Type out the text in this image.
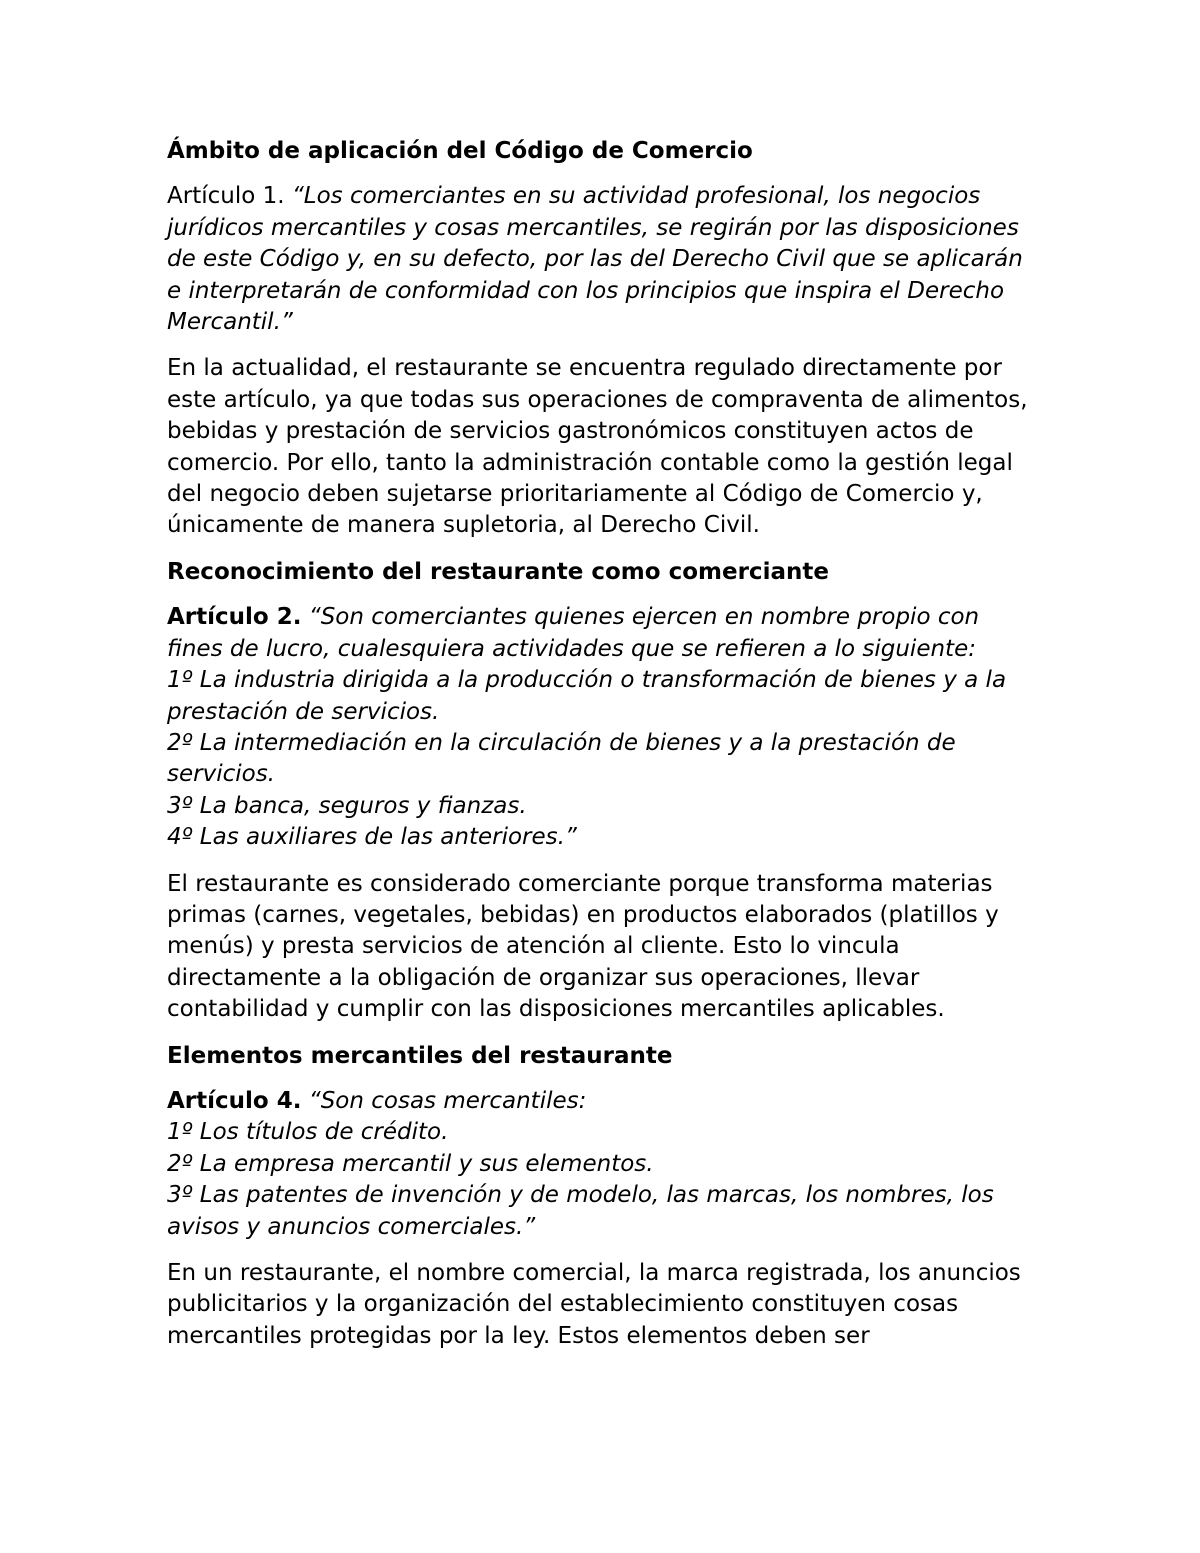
Ámbito de aplicación del Código de Comercio

Artículo 1. “Los comerciantes en su actividad profesional, los negocios jurídicos mercantiles y cosas mercantiles, se regirán por las disposiciones de este Código y, en su defecto, por las del Derecho Civil que se aplicarán e interpretarán de conformidad con los principios que inspira el Derecho Mercantil.”

En la actualidad, el restaurante se encuentra regulado directamente por este artículo, ya que todas sus operaciones de compraventa de alimentos, bebidas y prestación de servicios gastronómicos constituyen actos de comercio. Por ello, tanto la administración contable como la gestión legal del negocio deben sujetarse prioritariamente al Código de Comercio y, únicamente de manera supletoria, al Derecho Civil.

Reconocimiento del restaurante como comerciante

Artículo 2. “Son comerciantes quienes ejercen en nombre propio con fines de lucro, cualesquiera actividades que se refieren a lo siguiente:
1º La industria dirigida a la producción o transformación de bienes y a la prestación de servicios.
2º La intermediación en la circulación de bienes y a la prestación de servicios.
3º La banca, seguros y fianzas.
4º Las auxiliares de las anteriores.”

El restaurante es considerado comerciante porque transforma materias primas (carnes, vegetales, bebidas) en productos elaborados (platillos y menús) y presta servicios de atención al cliente. Esto lo vincula directamente a la obligación de organizar sus operaciones, llevar contabilidad y cumplir con las disposiciones mercantiles aplicables.

Elementos mercantiles del restaurante

Artículo 4. “Son cosas mercantiles:
1º Los títulos de crédito.
2º La empresa mercantil y sus elementos.
3º Las patentes de invención y de modelo, las marcas, los nombres, los avisos y anuncios comerciales.”

En un restaurante, el nombre comercial, la marca registrada, los anuncios publicitarios y la organización del establecimiento constituyen cosas mercantiles protegidas por la ley. Estos elementos deben ser
